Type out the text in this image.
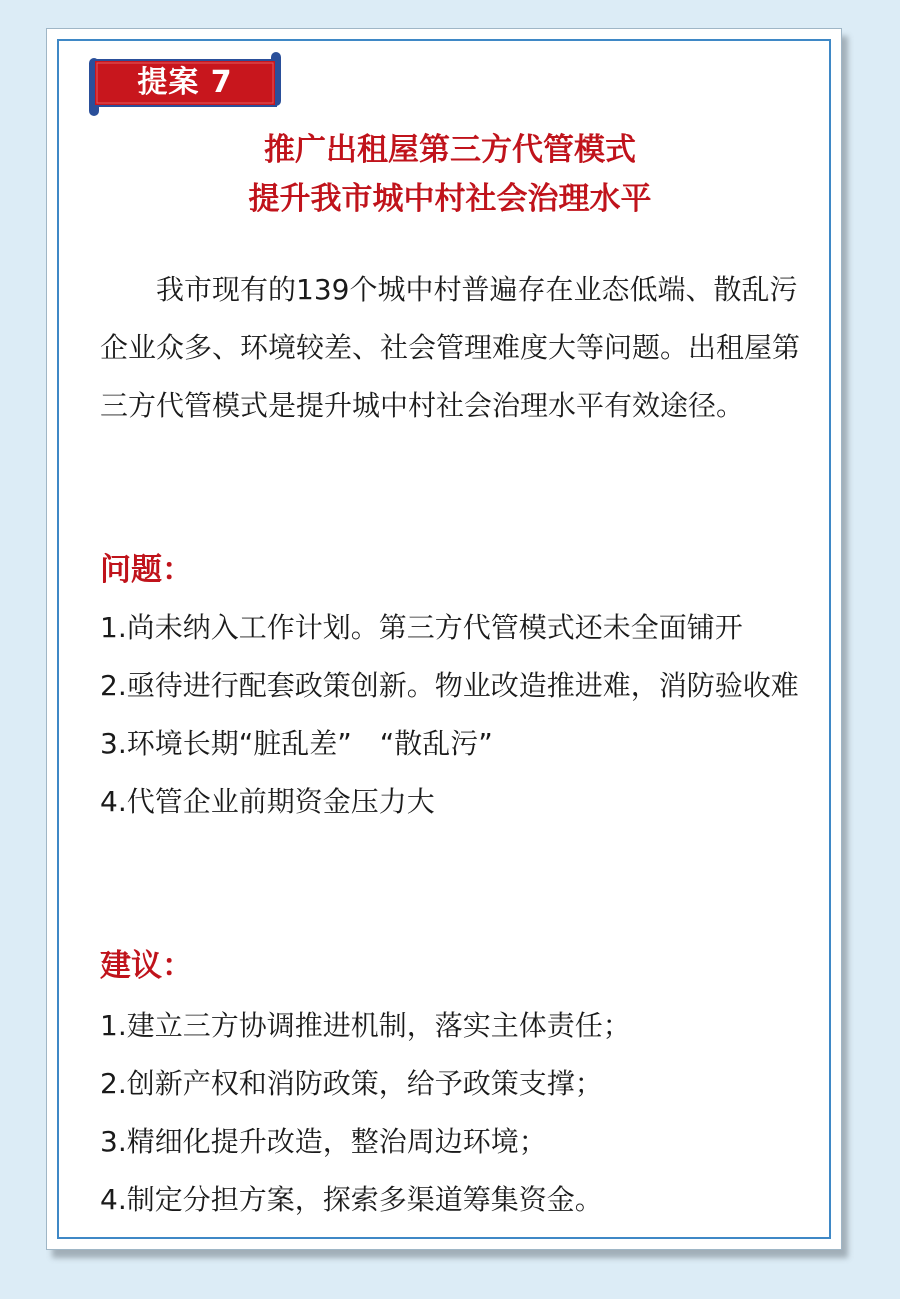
提案 7
推广出租屋第三方代管模式
提升我市城中村社会治理水平
我市现有的139个城中村普遍存在业态低端、散乱污企业众多、环境较差、社会管理难度大等问题。出租屋第三方代管模式是提升城中村社会治理水平有效途径。
问题：
1.尚未纳入工作计划。第三方代管模式还未全面铺开
2.亟待进行配套政策创新。物业改造推进难，消防验收难
3.环境长期“脏乱差”　“散乱污”
4.代管企业前期资金压力大
建议：
1.建立三方协调推进机制，落实主体责任；
2.创新产权和消防政策，给予政策支撑；
3.精细化提升改造，整治周边环境；
4.制定分担方案，探索多渠道筹集资金。
